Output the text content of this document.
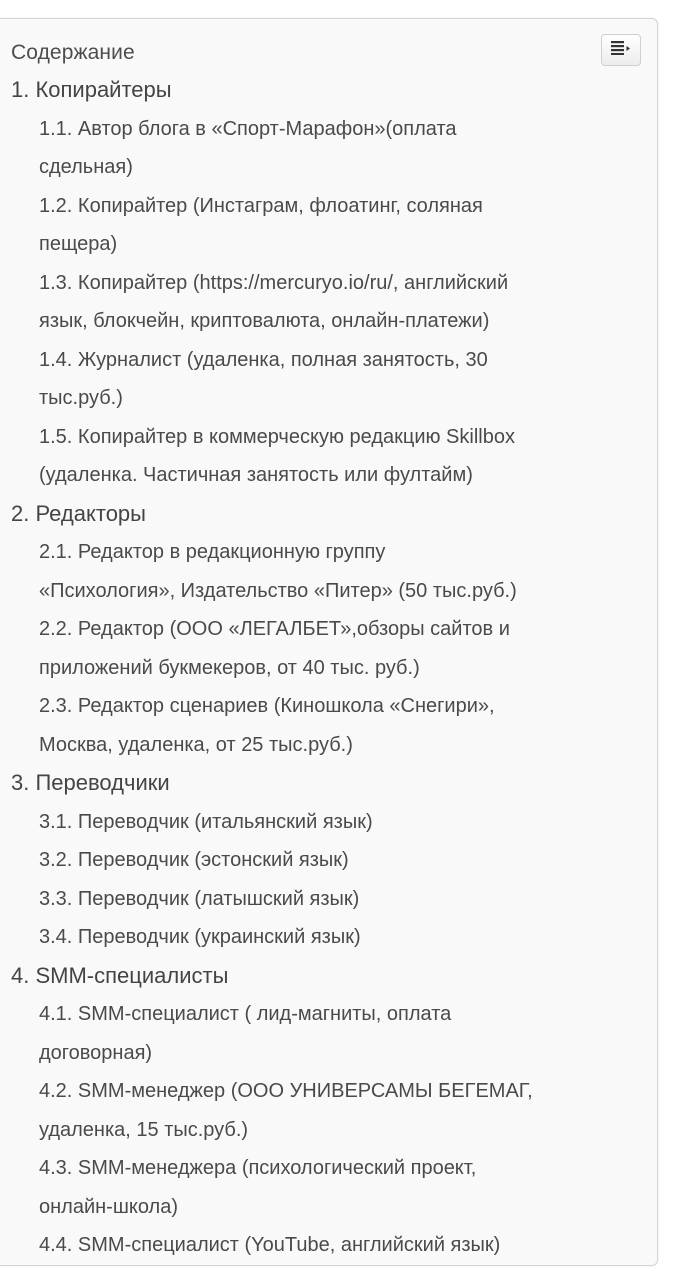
Содержание
1. Копирайтеры
1.1. Автор блога в «Спорт-Марафон»(оплата
сдельная)
1.2. Копирайтер (Инстаграм, флоатинг, соляная
пещера)
1.3. Копирайтер (https://mercuryo.io/ru/, английский
язык, блокчейн, криптовалюта, онлайн-платежи)
1.4. Журналист (удаленка, полная занятость, 30
тыс.руб.)
1.5. Копирайтер в коммерческую редакцию Skillbox
(удаленка. Частичная занятость или фултайм)
2. Редакторы
2.1. Редактор в редакционную группу
«Психология», Издательство «Питер» (50 тыс.руб.)
2.2. Редактор (ООО «ЛЕГАЛБЕТ»,обзоры сайтов и
приложений букмекеров, от 40 тыс. руб.)
2.3. Редактор сценариев (Киношкола «Снегири»,
Москва, удаленка, от 25 тыс.руб.)
3. Переводчики
3.1. Переводчик (итальянский язык)
3.2. Переводчик (эстонский язык)
3.3. Переводчик (латышский язык)
3.4. Переводчик (украинский язык)
4. SMM-специалисты
4.1. SMM-специалист ( лид-магниты, оплата
договорная)
4.2. SMM-менеджер (ООО УНИВЕРСАМЫ БЕГЕМАГ,
удаленка, 15 тыс.руб.)
4.3. SMM-менеджера (психологический проект,
онлайн-школа)
4.4. SMM-специалист (YouTube, английский язык)
